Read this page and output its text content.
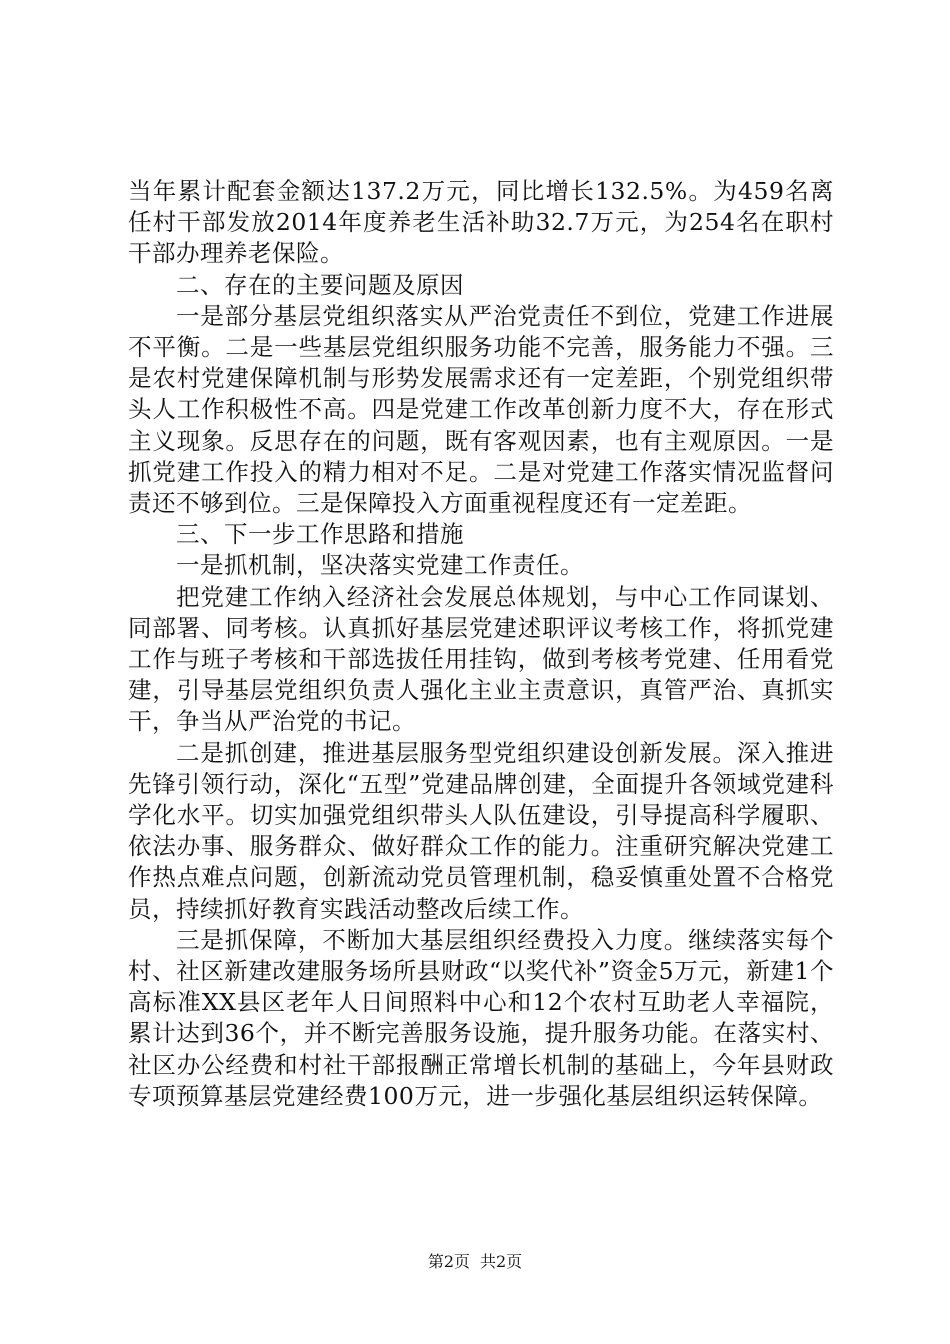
当年累计配套金额达137.2万元，同比增长132.5%。为459名离任村干部发放2014年度养老生活补助32.7万元，为254名在职村干部办理养老保险。

二、存在的主要问题及原因

一是部分基层党组织落实从严治党责任不到位，党建工作进展不平衡。二是一些基层党组织服务功能不完善，服务能力不强。三是农村党建保障机制与形势发展需求还有一定差距，个别党组织带头人工作积极性不高。四是党建工作改革创新力度不大，存在形式主义现象。反思存在的问题，既有客观因素，也有主观原因。一是抓党建工作投入的精力相对不足。二是对党建工作落实情况监督问责还不够到位。三是保障投入方面重视程度还有一定差距。

三、下一步工作思路和措施

一是抓机制，坚决落实党建工作责任。

把党建工作纳入经济社会发展总体规划，与中心工作同谋划、同部署、同考核。认真抓好基层党建述职评议考核工作，将抓党建工作与班子考核和干部选拔任用挂钩，做到考核考党建、任用看党建，引导基层党组织负责人强化主业主责意识，真管严治、真抓实干，争当从严治党的书记。

二是抓创建，推进基层服务型党组织建设创新发展。深入推进先锋引领行动，深化“五型”党建品牌创建，全面提升各领域党建科学化水平。切实加强党组织带头人队伍建设，引导提高科学履职、依法办事、服务群众、做好群众工作的能力。注重研究解决党建工作热点难点问题，创新流动党员管理机制，稳妥慎重处置不合格党员，持续抓好教育实践活动整改后续工作。

三是抓保障，不断加大基层组织经费投入力度。继续落实每个村、社区新建改建服务场所县财政“以奖代补”资金5万元，新建1个高标准XX县区老年人日间照料中心和12个农村互助老人幸福院，累计达到36个，并不断完善服务设施，提升服务功能。在落实村、社区办公经费和村社干部报酬正常增长机制的基础上，今年县财政专项预算基层党建经费100万元，进一步强化基层组织运转保障。

第2页 共2页
